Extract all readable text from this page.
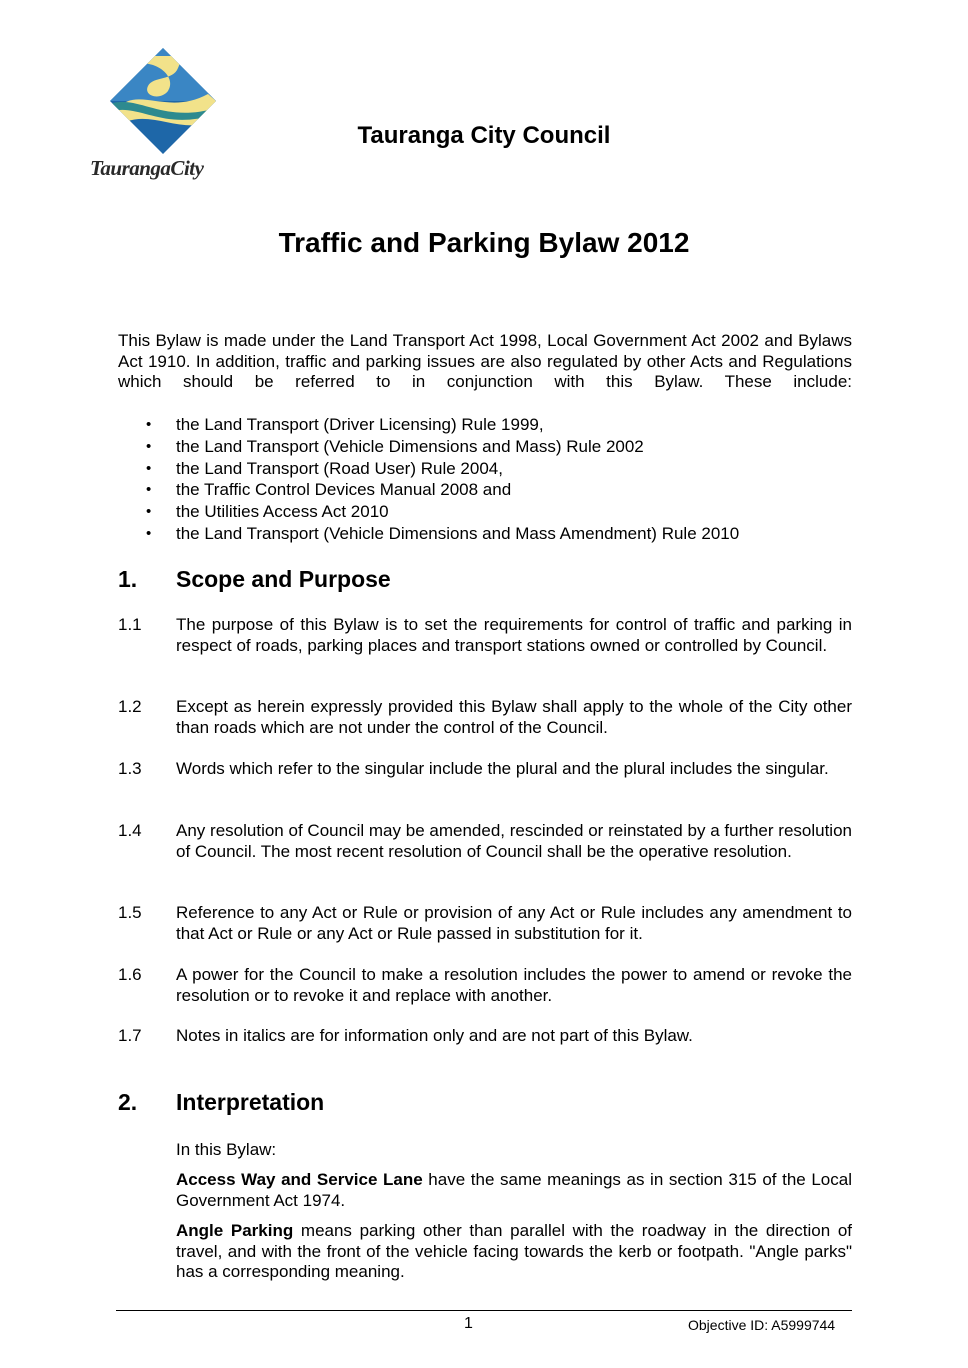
TaurangaCity
Tauranga City Council
Traffic and Parking Bylaw 2012

This Bylaw is made under the Land Transport Act 1998, Local Government Act 2002 and Bylaws Act 1910. In addition, traffic and parking issues are also regulated by other Acts and Regulations which should be referred to in conjunction with this Bylaw. These include:

• the Land Transport (Driver Licensing) Rule 1999,
• the Land Transport (Vehicle Dimensions and Mass) Rule 2002
• the Land Transport (Road User) Rule 2004,
• the Traffic Control Devices Manual 2008 and
• the Utilities Access Act 2010
• the Land Transport (Vehicle Dimensions and Mass Amendment) Rule 2010
1. Scope and Purpose
1.1 The purpose of this Bylaw is to set the requirements for control of traffic and parking in respect of roads, parking places and transport stations owned or controlled by Council.
1.2 Except as herein expressly provided this Bylaw shall apply to the whole of the City other than roads which are not under the control of the Council.
1.3 Words which refer to the singular include the plural and the plural includes the singular.
1.4 Any resolution of Council may be amended, rescinded or reinstated by a further resolution of Council. The most recent resolution of Council shall be the operative resolution.
1.5 Reference to any Act or Rule or provision of any Act or Rule includes any amendment to that Act or Rule or any Act or Rule passed in substitution for it.
1.6 A power for the Council to make a resolution includes the power to amend or revoke the resolution or to revoke it and replace with another.
1.7 Notes in italics are for information only and are not part of this Bylaw.
2. Interpretation

In this Bylaw:

Access Way and Service Lane have the same meanings as in section 315 of the Local Government Act 1974.

Angle Parking means parking other than parallel with the roadway in the direction of travel, and with the front of the vehicle facing towards the kerb or footpath. "Angle parks" has a corresponding meaning.

1	Objective ID: A5999744
